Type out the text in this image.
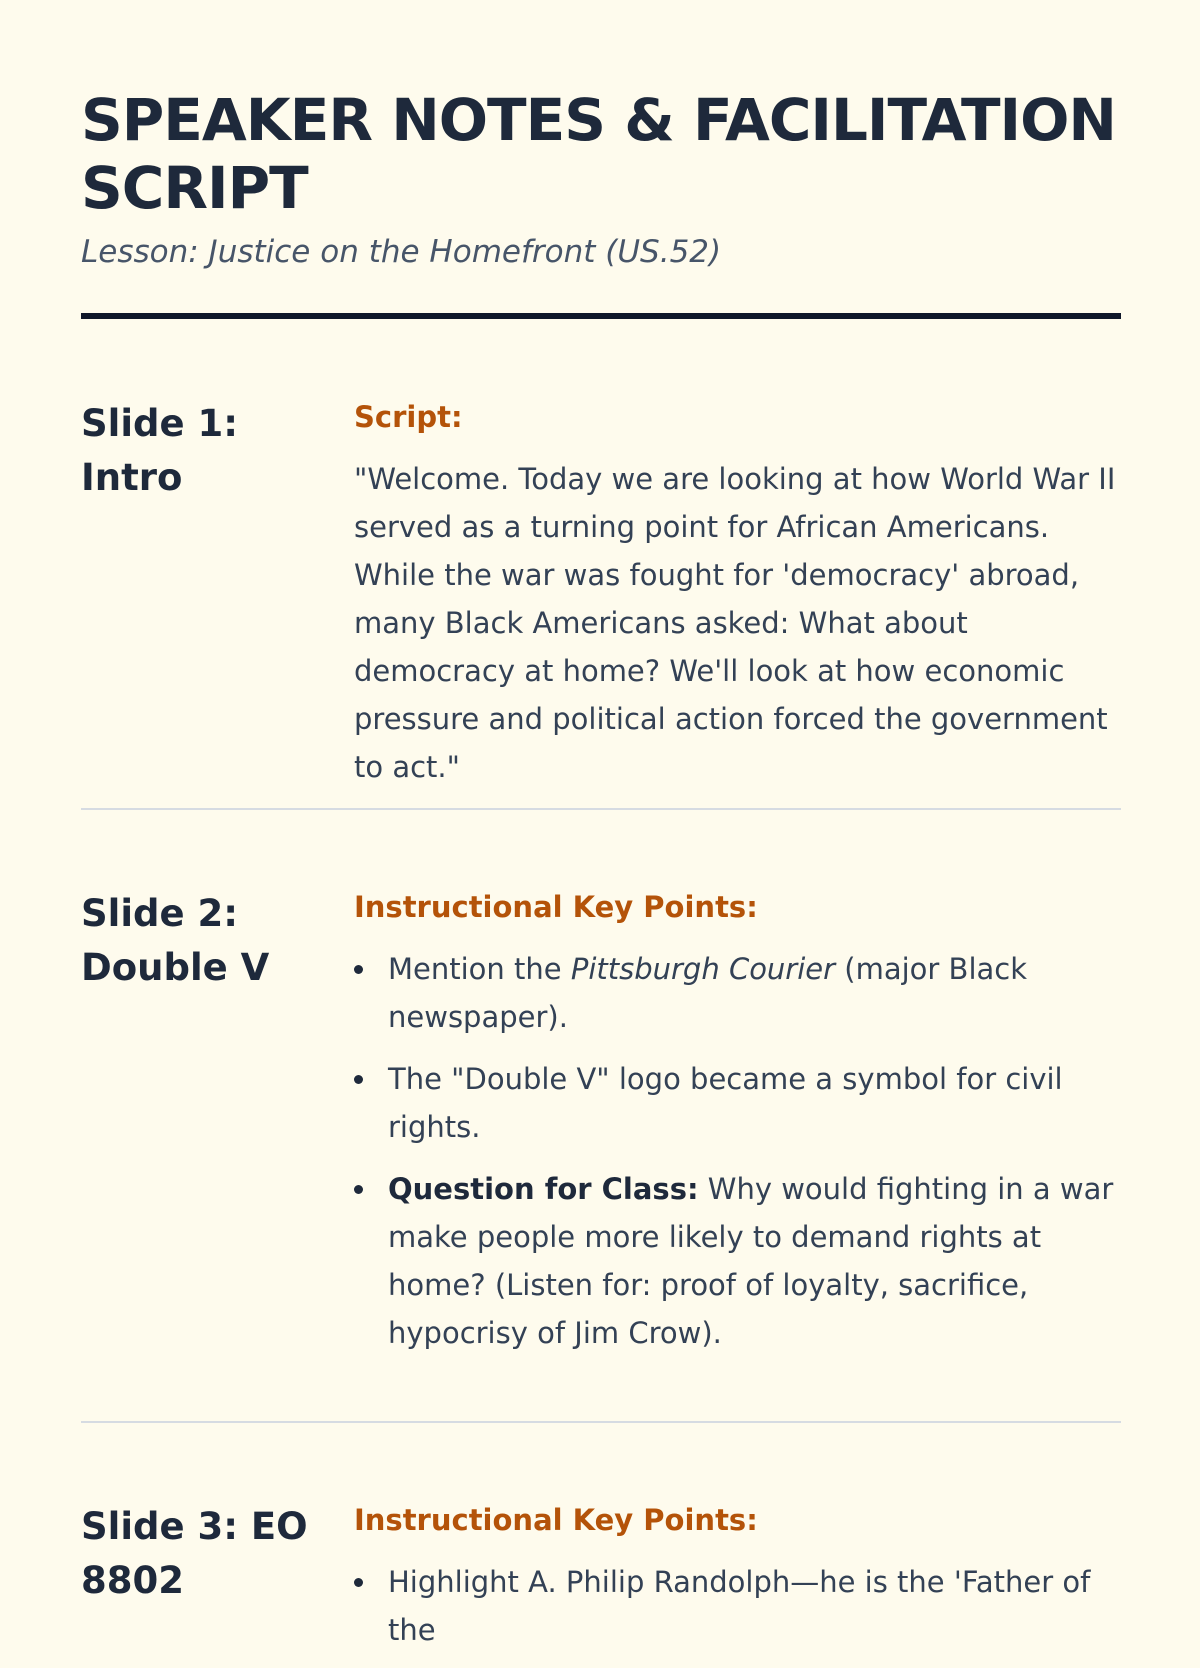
SPEAKER NOTES & FACILITATION SCRIPT

Lesson: Justice on the Homefront (US.52)

Slide 1:
Intro
Script:

"Welcome. Today we are looking at how World War II served as a turning point for African Americans. While the war was fought for 'democracy' abroad, many Black Americans asked: What about democracy at home? We'll look at how economic pressure and political action forced the government to act."

Slide 2:
Double V
Instructional Key Points:
Mention the Pittsburgh Courier (major Black newspaper).
The "Double V" logo became a symbol for civil rights.
Question for Class: Why would fighting in a war make people more likely to demand rights at home? (Listen for: proof of loyalty, sacrifice, hypocrisy of Jim Crow).
Slide 3: EO
8802
Instructional Key Points:
Highlight A. Philip Randolph—he is the 'Father of the
